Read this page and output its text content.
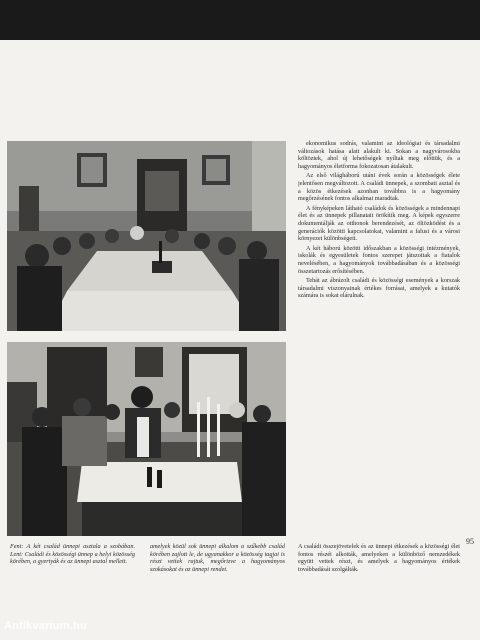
ekonomikus sodrás, valamint az ideológiai és társadalmi változások hatása alatt alakult ki. Sokan a nagyvárosokba költöztek, ahol új lehetőségek nyíltak meg előttük, és a hagyományos életforma fokozatosan átalakult.

Az első világháború utáni évek során a közösségek élete jelentősen megváltozott. A családi ünnepek, a szombati asztal és a közös étkezések azonban továbbra is a hagyomány megőrzésének fontos alkalmai maradtak.

A fényképeken látható családok és közösségek a mindennapi élet és az ünnepek pillanatait örökítik meg. A képek egyszerre dokumentálják az otthonok berendezését, az öltözködést és a generációk közötti kapcsolatokat, valamint a falusi és a városi környezet különbségeit.

A két háború közötti időszakban a közösségi intézmények, iskolák és egyesületek fontos szerepet játszottak a fiatalok nevelésében, a hagyományok továbbadásában és a közösségi összetartozás erősítésében.

Tehát az ábrázolt családi és közösségi események a korszak társadalmi viszonyainak értékes forrásai, amelyek a kutatók számára is sokat elárulnak.

95
Fent: A két család ünnepi asztala a szobában. Lent: Családi és közösségi ünnep a helyi közösség körében, a gyertyák és az ünnepi asztal mellett.
amelyek közül sok ünnepi alkalom a szűkebb család körében zajlott le, de ugyanakkor a közösség tagjai is részt vettek rajtuk, megőrizve a hagyományos szokásokat és az ünnepi rendet.
A családi összejövetelek és az ünnepi étkezések a közösségi élet fontos részét alkották, amelyeken a különböző nemzedékek együtt vettek részt, és amelyek a hagyományos értékek továbbadását szolgálták.
Antikvarium.hu
